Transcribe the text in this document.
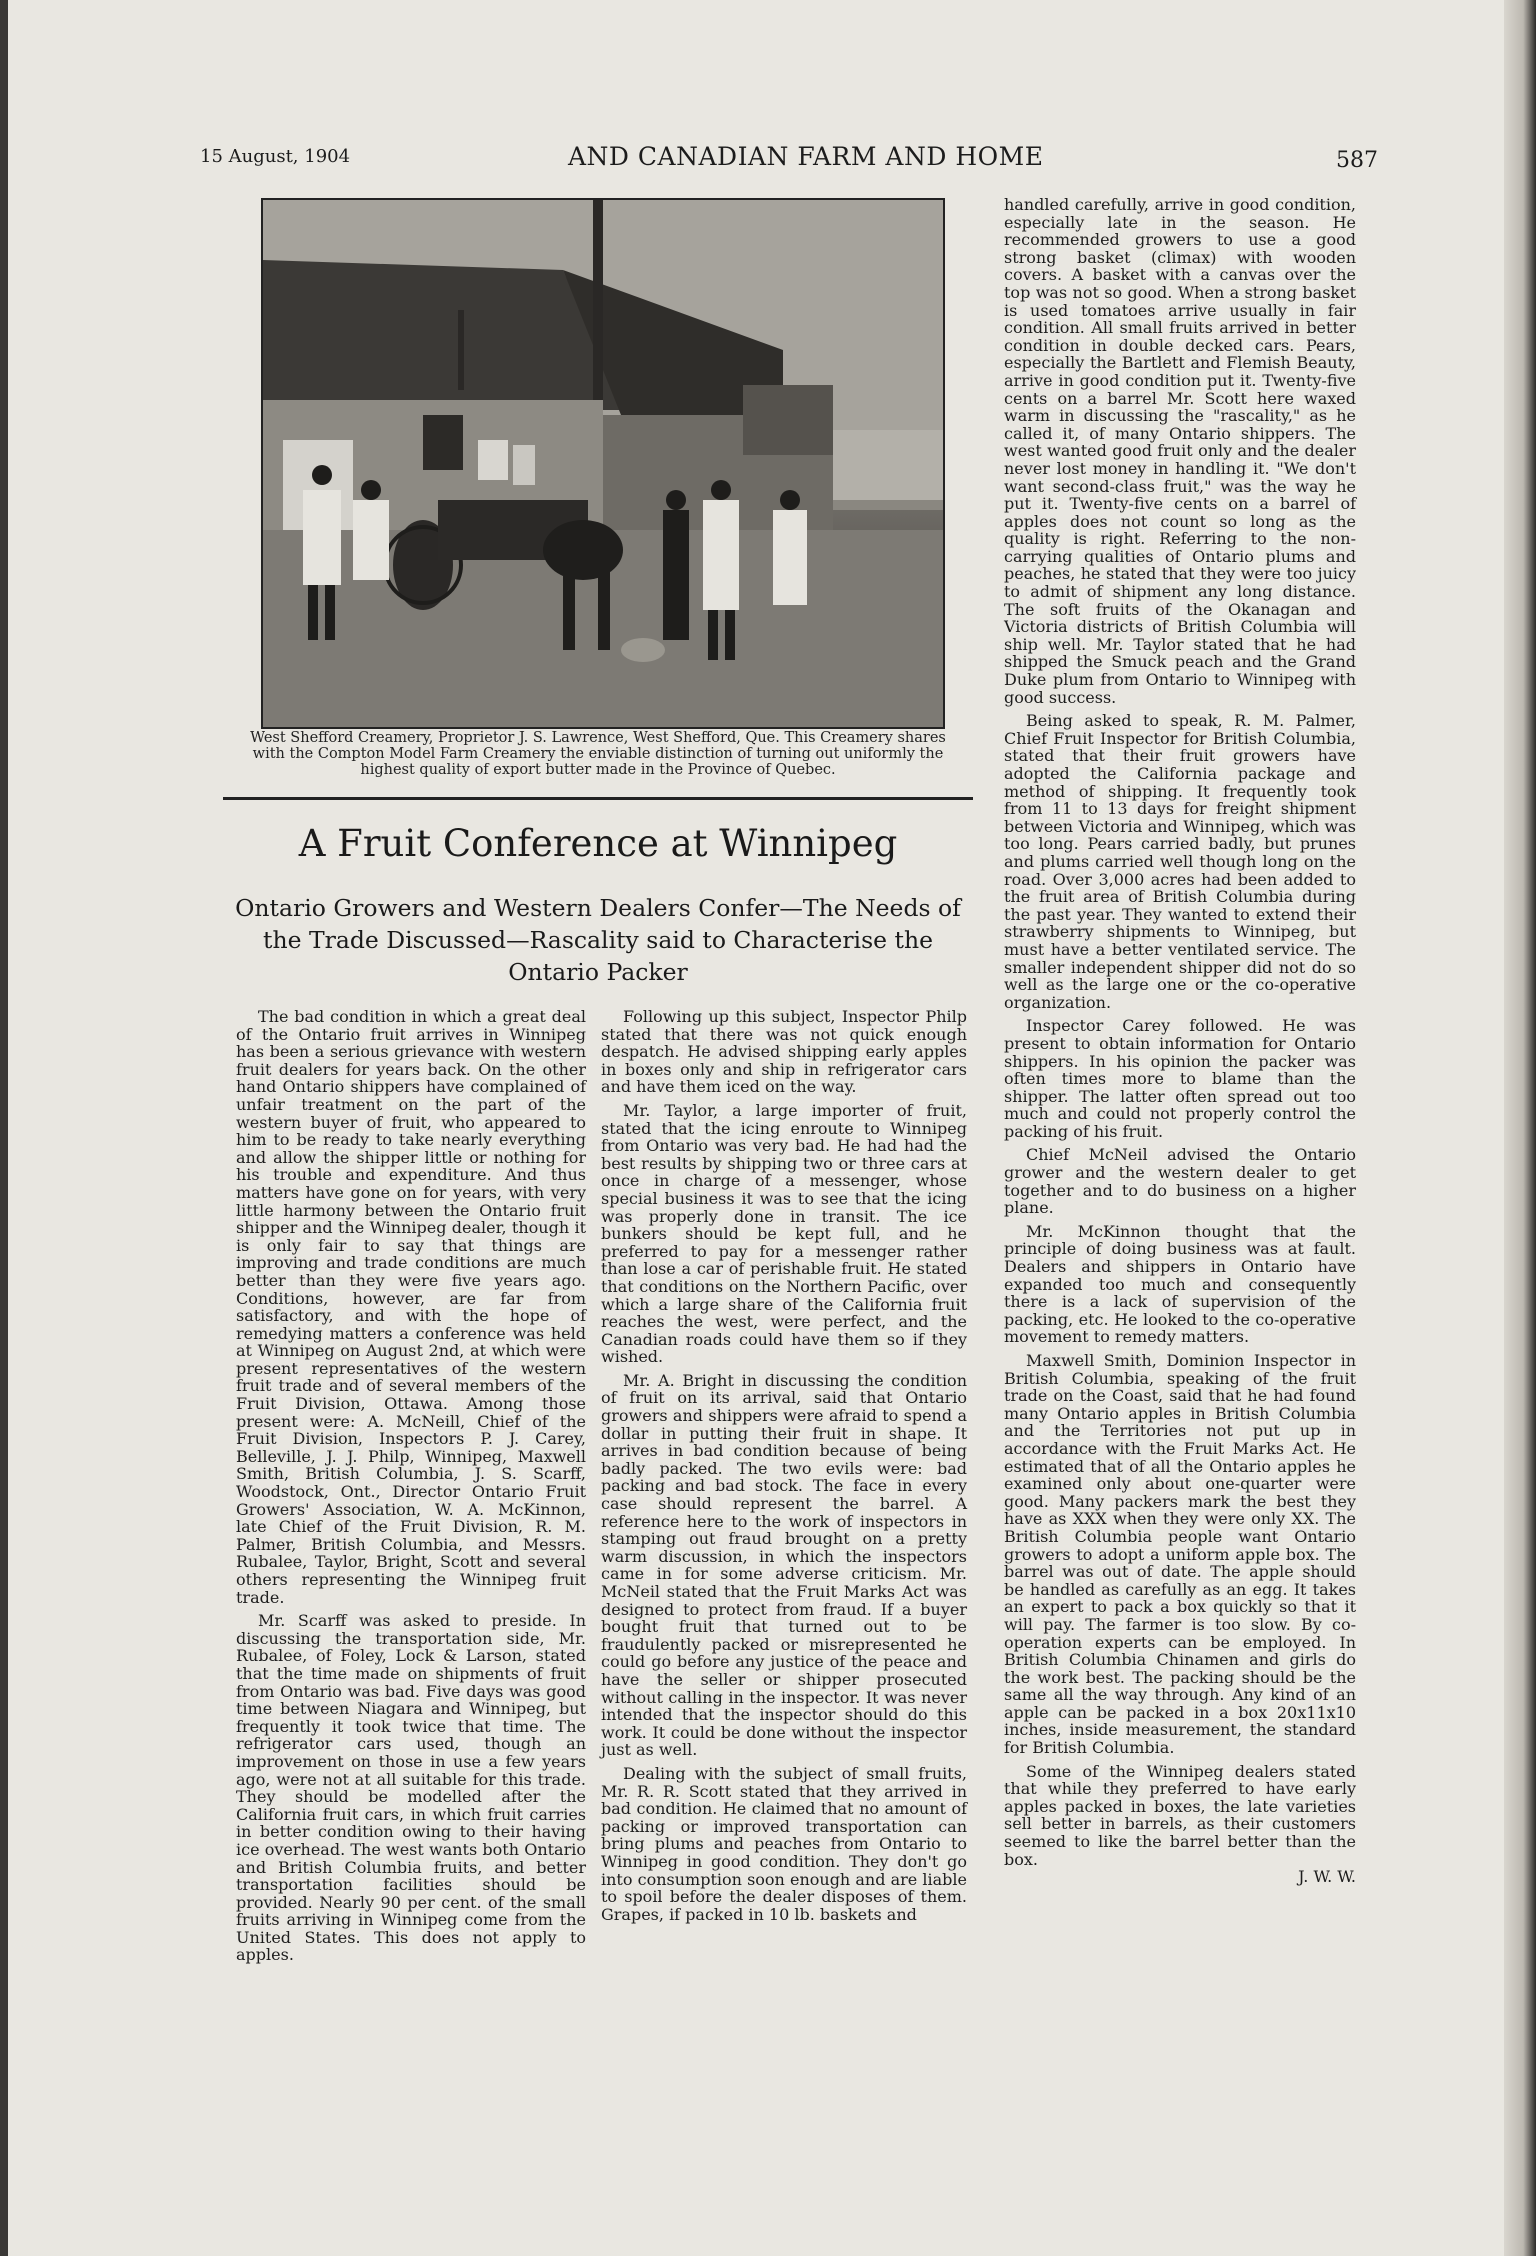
15 August, 1904	AND CANADIAN FARM AND HOME	587
West Shefford Creamery, Proprietor J. S. Lawrence, West Shefford, Que. This Creamery shares with the Compton Model Farm Creamery the enviable distinction of turning out uniformly the highest quality of export butter made in the Province of Quebec.
A Fruit Conference at Winnipeg
Ontario Growers and Western Dealers Confer—The Needs of the Trade Discussed—Rascality said to Characterise the Ontario Packer

The bad condition in which a great deal of the Ontario fruit arrives in Winnipeg has been a serious grievance with western fruit dealers for years back. On the other hand Ontario shippers have complained of unfair treatment on the part of the western buyer of fruit, who appeared to him to be ready to take nearly everything and allow the shipper little or nothing for his trouble and expenditure. And thus matters have gone on for years, with very little harmony between the Ontario fruit shipper and the Winnipeg dealer, though it is only fair to say that things are improving and trade conditions are much better than they were five years ago. Conditions, however, are far from satisfactory, and with the hope of remedying matters a conference was held at Winnipeg on August 2nd, at which were present representatives of the western fruit trade and of several members of the Fruit Division, Ottawa. Among those present were: A. McNeill, Chief of the Fruit Division, Inspectors P. J. Carey, Belleville, J. J. Philp, Winnipeg, Maxwell Smith, British Columbia, J. S. Scarff, Woodstock, Ont., Director Ontario Fruit Growers' Association, W. A. McKinnon, late Chief of the Fruit Division, R. M. Palmer, British Columbia, and Messrs. Rubalee, Taylor, Bright, Scott and several others representing the Winnipeg fruit trade.

Mr. Scarff was asked to preside. In discussing the transportation side, Mr. Rubalee, of Foley, Lock & Larson, stated that the time made on shipments of fruit from Ontario was bad. Five days was good time between Niagara and Winnipeg, but frequently it took twice that time. The refrigerator cars used, though an improvement on those in use a few years ago, were not at all suitable for this trade. They should be modelled after the California fruit cars, in which fruit carries in better condition owing to their having ice overhead. The west wants both Ontario and British Columbia fruits, and better transportation facilities should be provided. Nearly 90 per cent. of the small fruits arriving in Winnipeg come from the United States. This does not apply to apples.

Following up this subject, Inspector Philp stated that there was not quick enough despatch. He advised shipping early apples in boxes only and ship in refrigerator cars and have them iced on the way.

Mr. Taylor, a large importer of fruit, stated that the icing enroute to Winnipeg from Ontario was very bad. He had had the best results by shipping two or three cars at once in charge of a messenger, whose special business it was to see that the icing was properly done in transit. The ice bunkers should be kept full, and he preferred to pay for a messenger rather than lose a car of perishable fruit. He stated that conditions on the Northern Pacific, over which a large share of the California fruit reaches the west, were perfect, and the Canadian roads could have them so if they wished.

Mr. A. Bright in discussing the condition of fruit on its arrival, said that Ontario growers and shippers were afraid to spend a dollar in putting their fruit in shape. It arrives in bad condition because of being badly packed. The two evils were: bad packing and bad stock. The face in every case should represent the barrel. A reference here to the work of inspectors in stamping out fraud brought on a pretty warm discussion, in which the inspectors came in for some adverse criticism. Mr. McNeil stated that the Fruit Marks Act was designed to protect from fraud. If a buyer bought fruit that turned out to be fraudulently packed or misrepresented he could go before any justice of the peace and have the seller or shipper prosecuted without calling in the inspector. It was never intended that the inspector should do this work. It could be done without the inspector just as well.

Dealing with the subject of small fruits, Mr. R. R. Scott stated that they arrived in bad condition. He claimed that no amount of packing or improved transportation can bring plums and peaches from Ontario to Winnipeg in good condition. They don't go into consumption soon enough and are liable to spoil before the dealer disposes of them. Grapes, if packed in 10 lb. baskets and

handled carefully, arrive in good condition, especially late in the season. He recommended growers to use a good strong basket (climax) with wooden covers. A basket with a canvas over the top was not so good. When a strong basket is used tomatoes arrive usually in fair condition. All small fruits arrived in better condition in double decked cars. Pears, especially the Bartlett and Flemish Beauty, arrive in good condition put it. Twenty-five cents on a barrel Mr. Scott here waxed warm in discussing the "rascality," as he called it, of many Ontario shippers. The west wanted good fruit only and the dealer never lost money in handling it. "We don't want second-class fruit," was the way he put it. Twenty-five cents on a barrel of apples does not count so long as the quality is right. Referring to the non-carrying qualities of Ontario plums and peaches, he stated that they were too juicy to admit of shipment any long distance. The soft fruits of the Okanagan and Victoria districts of British Columbia will ship well. Mr. Taylor stated that he had shipped the Smuck peach and the Grand Duke plum from Ontario to Winnipeg with good success.

Being asked to speak, R. M. Palmer, Chief Fruit Inspector for British Columbia, stated that their fruit growers have adopted the California package and method of shipping. It frequently took from 11 to 13 days for freight shipment between Victoria and Winnipeg, which was too long. Pears carried badly, but prunes and plums carried well though long on the road. Over 3,000 acres had been added to the fruit area of British Columbia during the past year. They wanted to extend their strawberry shipments to Winnipeg, but must have a better ventilated service. The smaller independent shipper did not do so well as the large one or the co-operative organization.

Inspector Carey followed. He was present to obtain information for Ontario shippers. In his opinion the packer was often times more to blame than the shipper. The latter often spread out too much and could not properly control the packing of his fruit.

Chief McNeil advised the Ontario grower and the western dealer to get together and to do business on a higher plane.

Mr. McKinnon thought that the principle of doing business was at fault. Dealers and shippers in Ontario have expanded too much and consequently there is a lack of supervision of the packing, etc. He looked to the co-operative movement to remedy matters.

Maxwell Smith, Dominion Inspector in British Columbia, speaking of the fruit trade on the Coast, said that he had found many Ontario apples in British Columbia and the Territories not put up in accordance with the Fruit Marks Act. He estimated that of all the Ontario apples he examined only about one-quarter were good. Many packers mark the best they have as XXX when they were only XX. The British Columbia people want Ontario growers to adopt a uniform apple box. The barrel was out of date. The apple should be handled as carefully as an egg. It takes an expert to pack a box quickly so that it will pay. The farmer is too slow. By co-operation experts can be employed. In British Columbia Chinamen and girls do the work best. The packing should be the same all the way through. Any kind of an apple can be packed in a box 20x11x10 inches, inside measurement, the standard for British Columbia.

Some of the Winnipeg dealers stated that while they preferred to have early apples packed in boxes, the late varieties sell better in barrels, as their customers seemed to like the barrel better than the box.

J. W. W.
